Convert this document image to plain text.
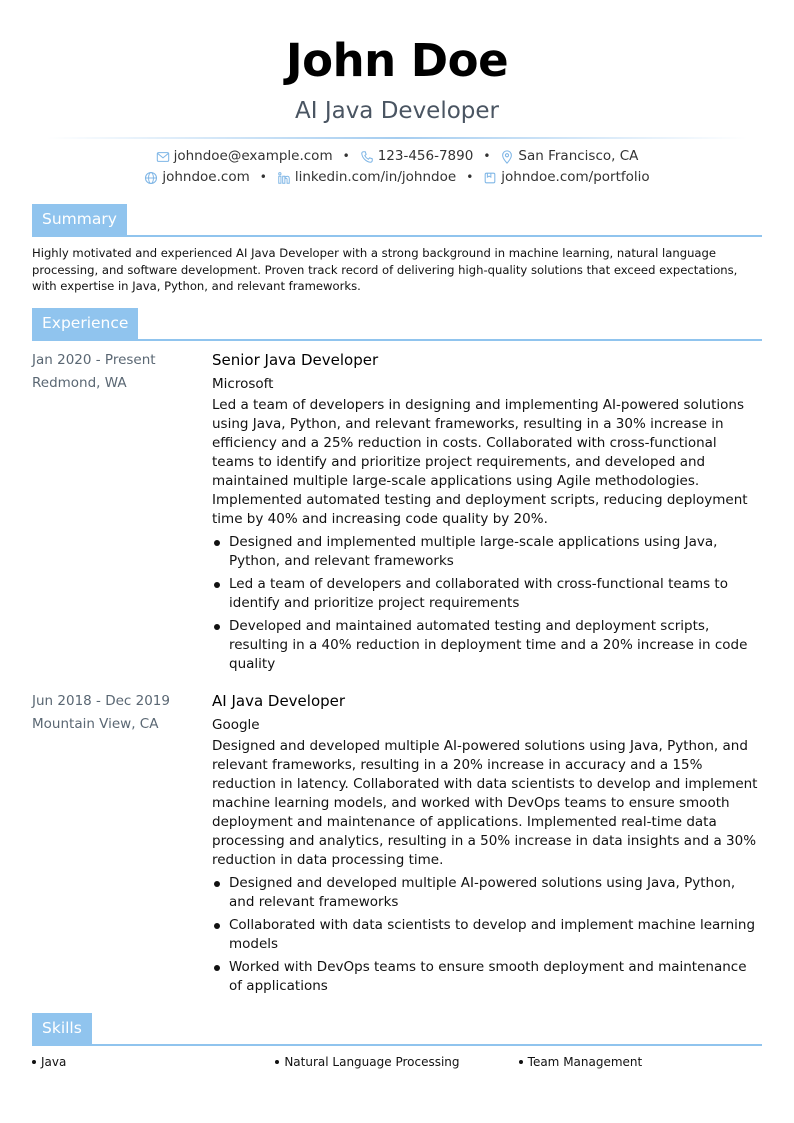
John Doe
AI Java Developer
johndoe@example.com • 123-456-7890 • San Francisco, CA
johndoe.com • linkedin.com/in/johndoe • johndoe.com/portfolio
Summary
Highly motivated and experienced AI Java Developer with a strong background in machine learning, natural language processing, and software development. Proven track record of delivering high-quality solutions that exceed expectations, with expertise in Java, Python, and relevant frameworks.
Experience
Jan 2020 - Present
Redmond, WA
Senior Java Developer
Microsoft
Led a team of developers in designing and implementing AI-powered solutions using Java, Python, and relevant frameworks, resulting in a 30% increase in efficiency and a 25% reduction in costs. Collaborated with cross-functional teams to identify and prioritize project requirements, and developed and maintained multiple large-scale applications using Agile methodologies. Implemented automated testing and deployment scripts, reducing deployment time by 40% and increasing code quality by 20%.
Designed and implemented multiple large-scale applications using Java, Python, and relevant frameworks
Led a team of developers and collaborated with cross-functional teams to identify and prioritize project requirements
Developed and maintained automated testing and deployment scripts, resulting in a 40% reduction in deployment time and a 20% increase in code quality
Jun 2018 - Dec 2019
Mountain View, CA
AI Java Developer
Google
Designed and developed multiple AI-powered solutions using Java, Python, and relevant frameworks, resulting in a 20% increase in accuracy and a 15% reduction in latency. Collaborated with data scientists to develop and implement machine learning models, and worked with DevOps teams to ensure smooth deployment and maintenance of applications. Implemented real-time data processing and analytics, resulting in a 50% increase in data insights and a 30% reduction in data processing time.
Designed and developed multiple AI-powered solutions using Java, Python, and relevant frameworks
Collaborated with data scientists to develop and implement machine learning models
Worked with DevOps teams to ensure smooth deployment and maintenance of applications
Skills
Java	Natural Language Processing	Team Management
